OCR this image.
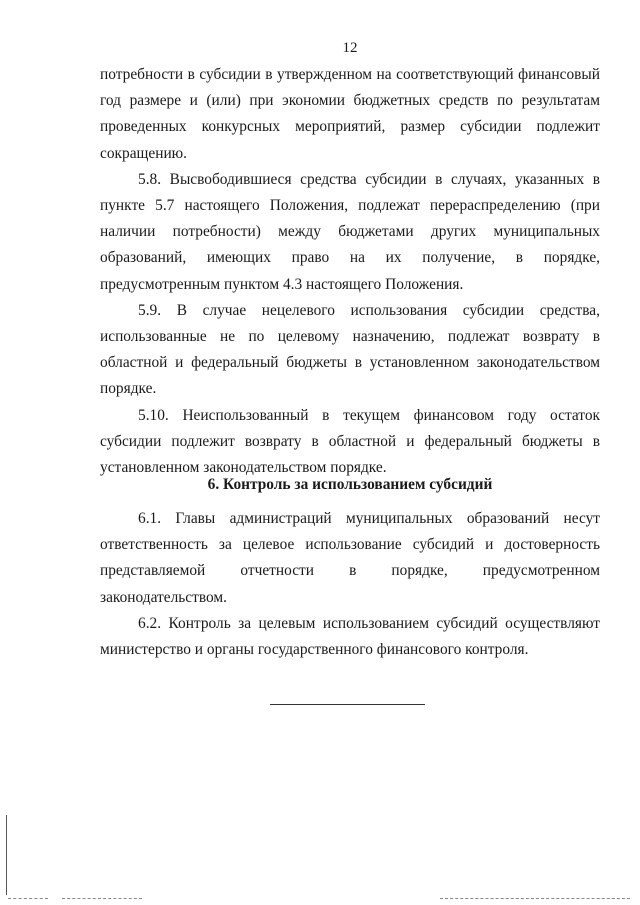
12

потребности в субсидии в утвержденном на соответствующий финансовый год размере и (или) при экономии бюджетных средств по результатам проведенных конкурсных мероприятий, размер субсидии подлежит сокращению.

5.8. Высвободившиеся средства субсидии в случаях, указанных в пункте 5.7 настоящего Положения, подлежат перераспределению (при наличии потребности) между бюджетами других муниципальных образований, имеющих право на их получение, в порядке, предусмотренным пунктом 4.3 настоящего Положения.

5.9. В случае нецелевого использования субсидии средства, использованные не по целевому назначению, подлежат возврату в областной и федеральный бюджеты в установленном законодательством порядке.

5.10. Неиспользованный в текущем финансовом году остаток субсидии подлежит возврату в областной и федеральный бюджеты в установленном законодательством порядке.

6. Контроль за использованием субсидий

6.1. Главы администраций муниципальных образований несут ответственность за целевое использование субсидий и достоверность представляемой отчетности в порядке, предусмотренном законодательством.

6.2. Контроль за целевым использованием субсидий осуществляют министерство и органы государственного финансового контроля.
